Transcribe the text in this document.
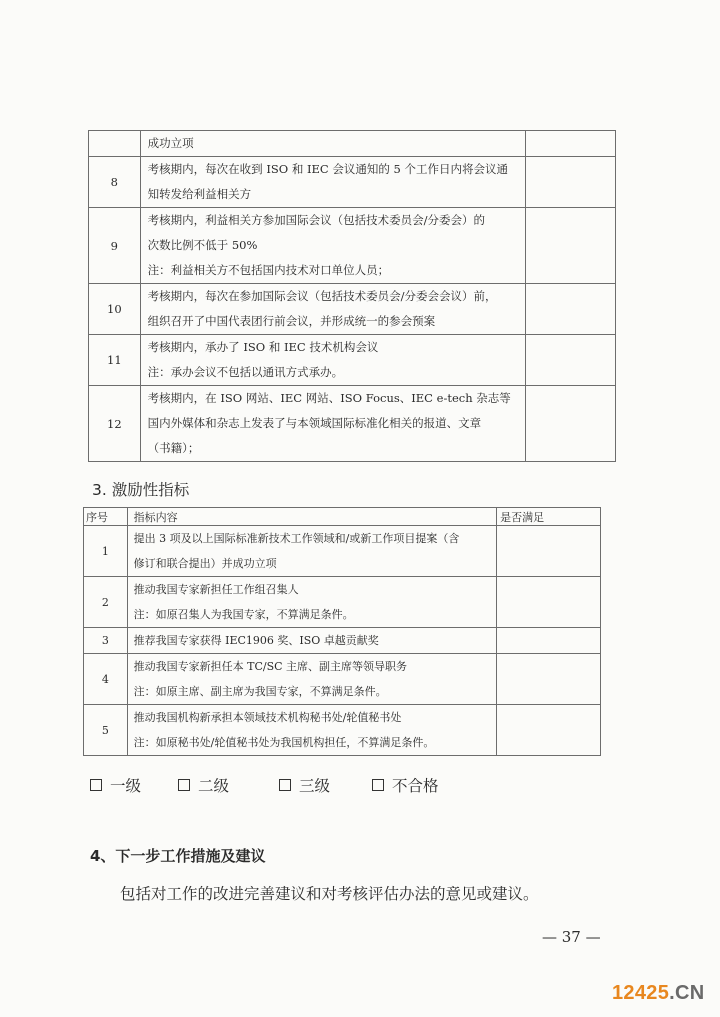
	成功立项	

8	考核期内，每次在收到 ISO 和 IEC 会议通知的 5 个工作日内将会议通
知转发给利益相关方	

9	考核期内，利益相关方参加国际会议（包括技术委员会/分委会）的
次数比例不低于 50%
注：利益相关方不包括国内技术对口单位人员；	

10	考核期内，每次在参加国际会议（包括技术委员会/分委会会议）前，
组织召开了中国代表团行前会议，并形成统一的参会预案	

11	考核期内，承办了 ISO 和 IEC 技术机构会议
注：承办会议不包括以通讯方式承办。	

12	考核期内，在 ISO 网站、IEC 网站、ISO Focus、IEC e-tech 杂志等
国内外媒体和杂志上发表了与本领域国际标准化相关的报道、文章
（书籍）；	

3. 激励性指标
序号	指标内容	是否满足
1	提出 3 项及以上国际标准新技术工作领域和/或新工作项目提案（含
修订和联合提出）并成功立项	

2	推动我国专家新担任工作组召集人
注：如原召集人为我国专家，不算满足条件。	

3	推荐我国专家获得 IEC1906 奖、ISO 卓越贡献奖	

4	推动我国专家新担任本 TC/SC 主席、副主席等领导职务
注：如原主席、副主席为我国专家，不算满足条件。	

5	推动我国机构新承担本领域技术机构秘书处/轮值秘书处
注：如原秘书处/轮值秘书处为我国机构担任，不算满足条件。	

一级	二级	三级	不合格
4、下一步工作措施及建议
包括对工作的改进完善建议和对考核评估办法的意见或建议。
— 37 —
12425.CN
